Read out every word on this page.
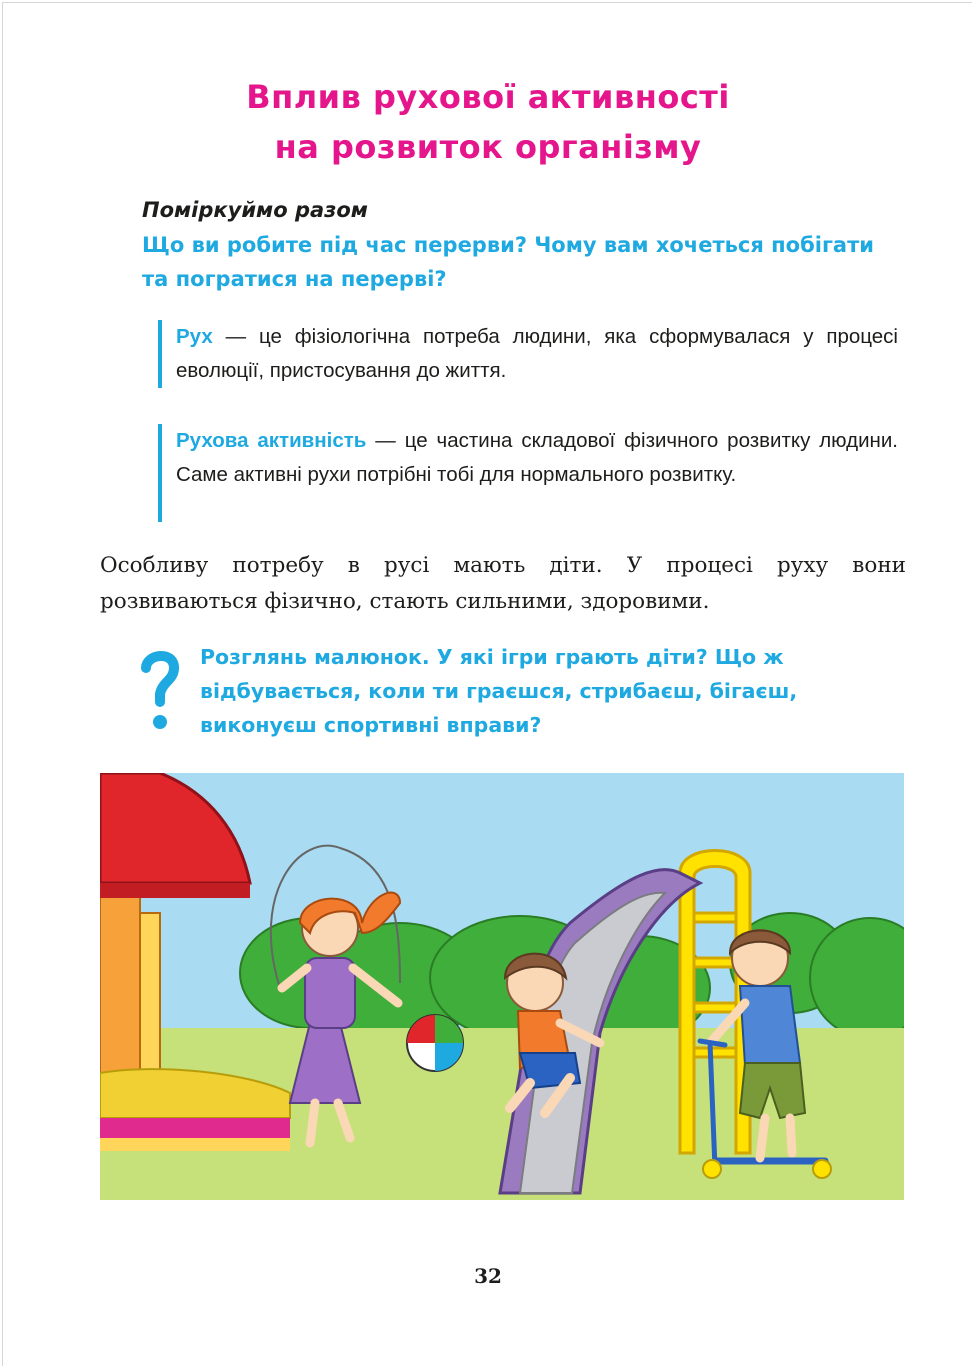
Вплив рухової активності
на розвиток організму
Поміркуймо разом
Що ви робите під час перерви? Чому вам хочеться побігати та погратися на перерві?
Рух — це фізіологічна потреба людини, яка сформувалася у процесі еволюції, пристосування до життя.
Рухова активність — це частина складової фізичного розвитку людини. Саме активні рухи потрібні тобі для нормального розвитку.
Особливу потребу в русі мають діти. У процесі руху вони розвиваються фізично, стають сильними, здоровими.
Розглянь малюнок. У які ігри грають діти? Що ж відбувається, коли ти граєшся, стрибаєш, бігаєш, виконуєш спортивні вправи?
32
